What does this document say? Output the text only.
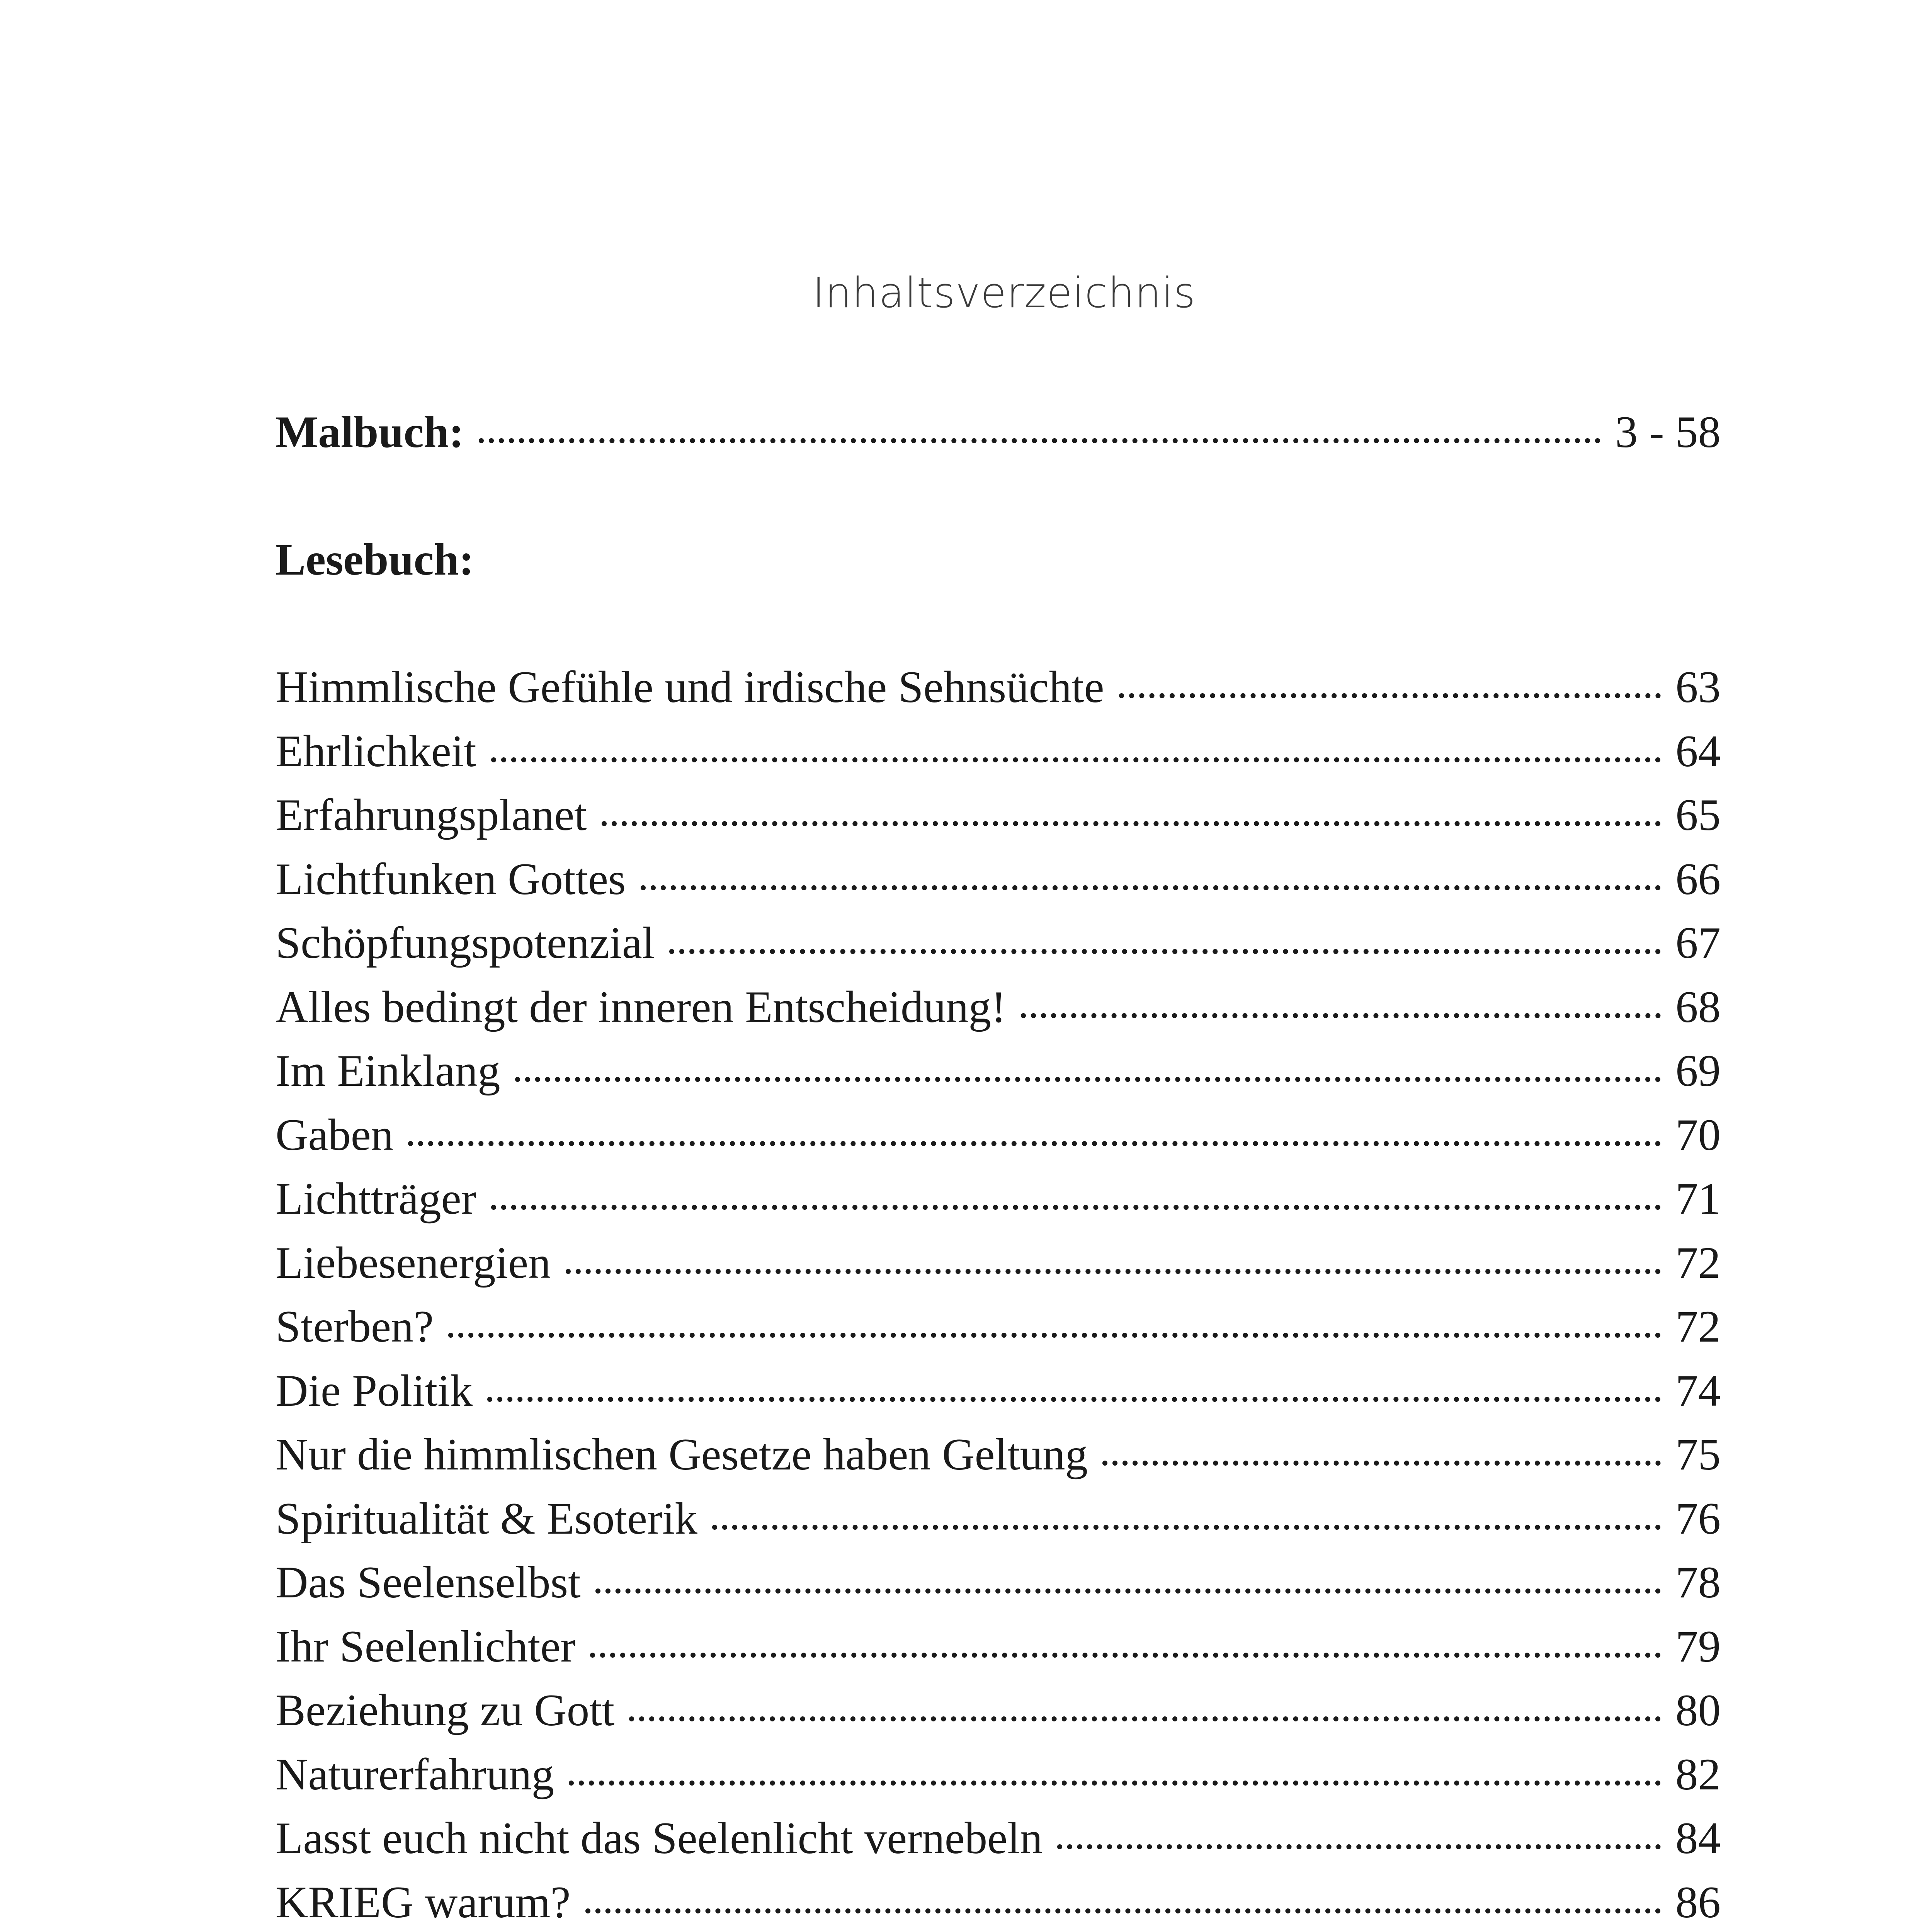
Inhaltsverzeichnis
Malbuch:	3 - 58
Lesebuch:
Himmlische Gefühle und irdische Sehnsüchte	63
Ehrlichkeit	64
Erfahrungsplanet	65
Lichtfunken Gottes	66
Schöpfungspotenzial	67
Alles bedingt der inneren Entscheidung!	68
Im Einklang	69
Gaben	70
Lichtträger	71
Liebesenergien	72
Sterben?	72
Die Politik	74
Nur die himmlischen Gesetze haben Geltung	75
Spiritualität & Esoterik	76
Das Seelenselbst	78
Ihr Seelenlichter	79
Beziehung zu Gott	80
Naturerfahrung	82
Lasst euch nicht das Seelenlicht vernebeln	84
KRIEG warum?	86
